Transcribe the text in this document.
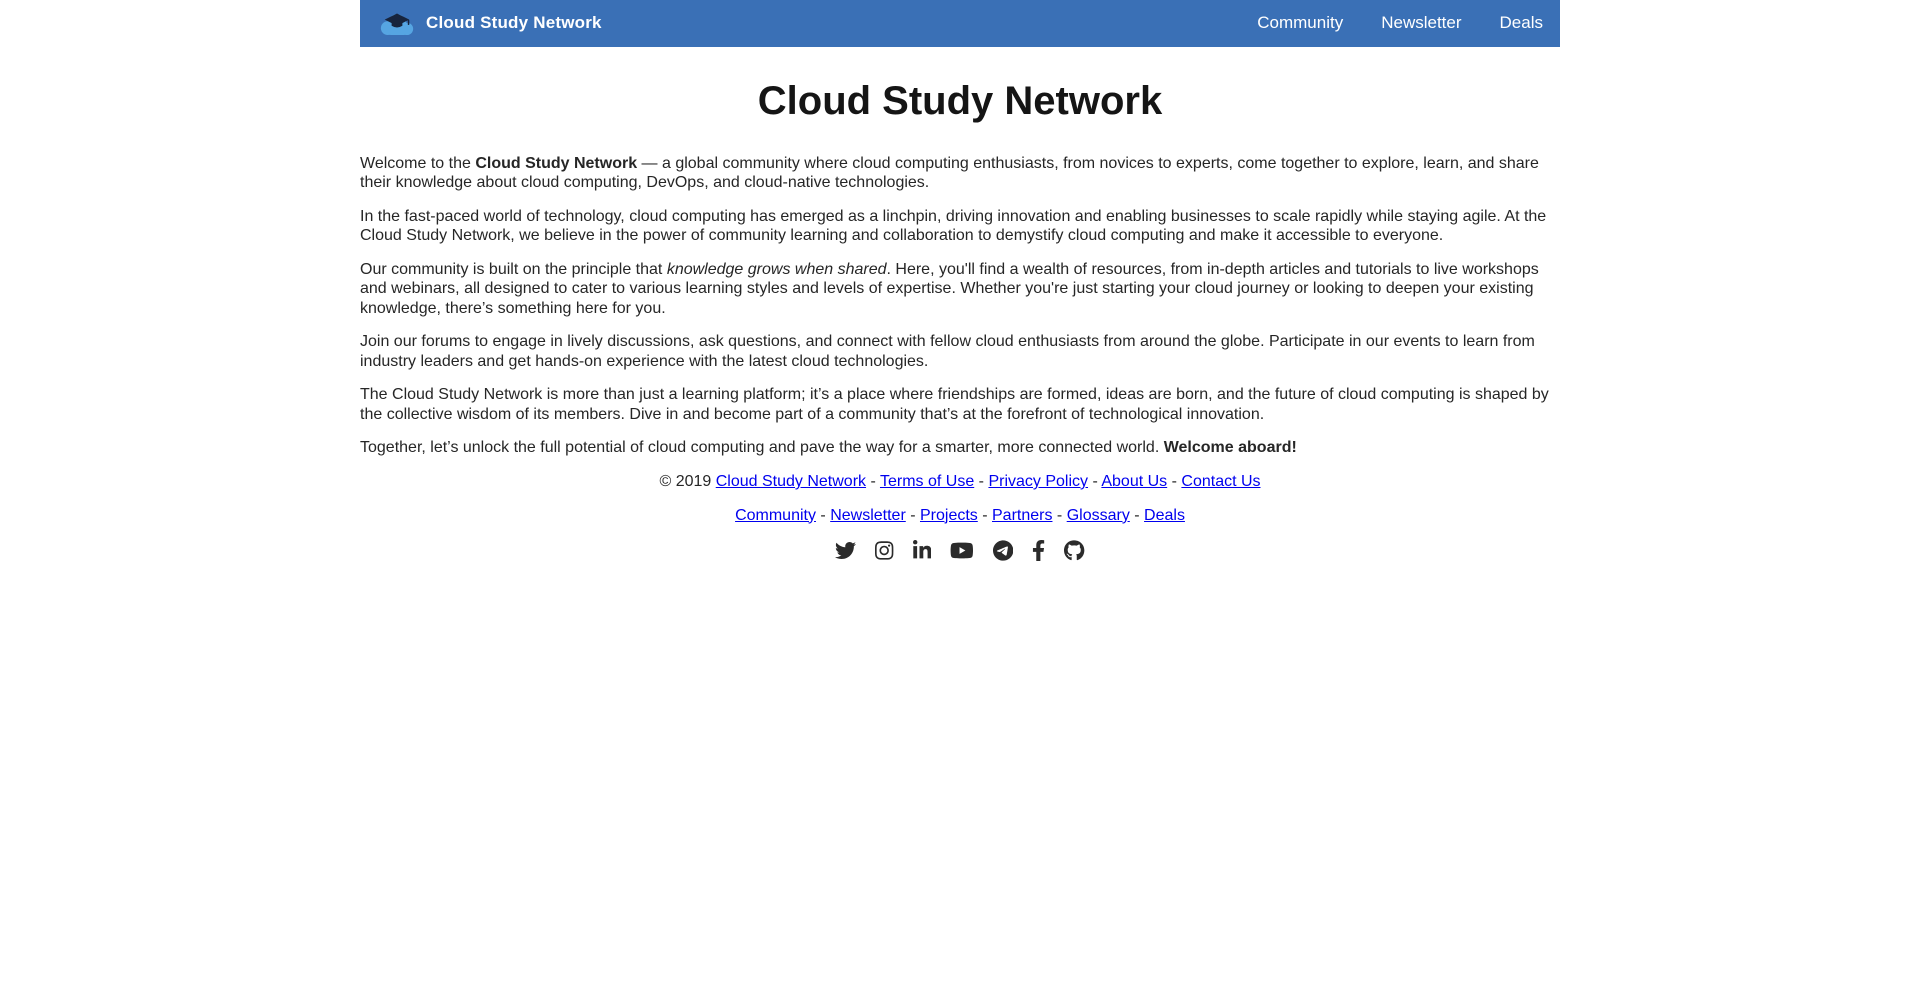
Cloud Study Network	Community Newsletter Deals
Cloud Study Network

Welcome to the Cloud Study Network — a global community where cloud computing enthusiasts, from novices to experts, come together to explore, learn, and share their knowledge about cloud computing, DevOps, and cloud-native technologies.

In the fast-paced world of technology, cloud computing has emerged as a linchpin, driving innovation and enabling businesses to scale rapidly while staying agile. At the Cloud Study Network, we believe in the power of community learning and collaboration to demystify cloud computing and make it accessible to everyone.

Our community is built on the principle that knowledge grows when shared. Here, you'll find a wealth of resources, from in-depth articles and tutorials to live workshops and webinars, all designed to cater to various learning styles and levels of expertise. Whether you're just starting your cloud journey or looking to deepen your existing knowledge, there’s something here for you.

Join our forums to engage in lively discussions, ask questions, and connect with fellow cloud enthusiasts from around the globe. Participate in our events to learn from industry leaders and get hands-on experience with the latest cloud technologies.

The Cloud Study Network is more than just a learning platform; it’s a place where friendships are formed, ideas are born, and the future of cloud computing is shaped by the collective wisdom of its members. Dive in and become part of a community that’s at the forefront of technological innovation.

Together, let’s unlock the full potential of cloud computing and pave the way for a smarter, more connected world. Welcome aboard!

© 2019 Cloud Study Network - Terms of Use - Privacy Policy - About Us - Contact Us

Community - Newsletter - Projects - Partners - Glossary - Deals
